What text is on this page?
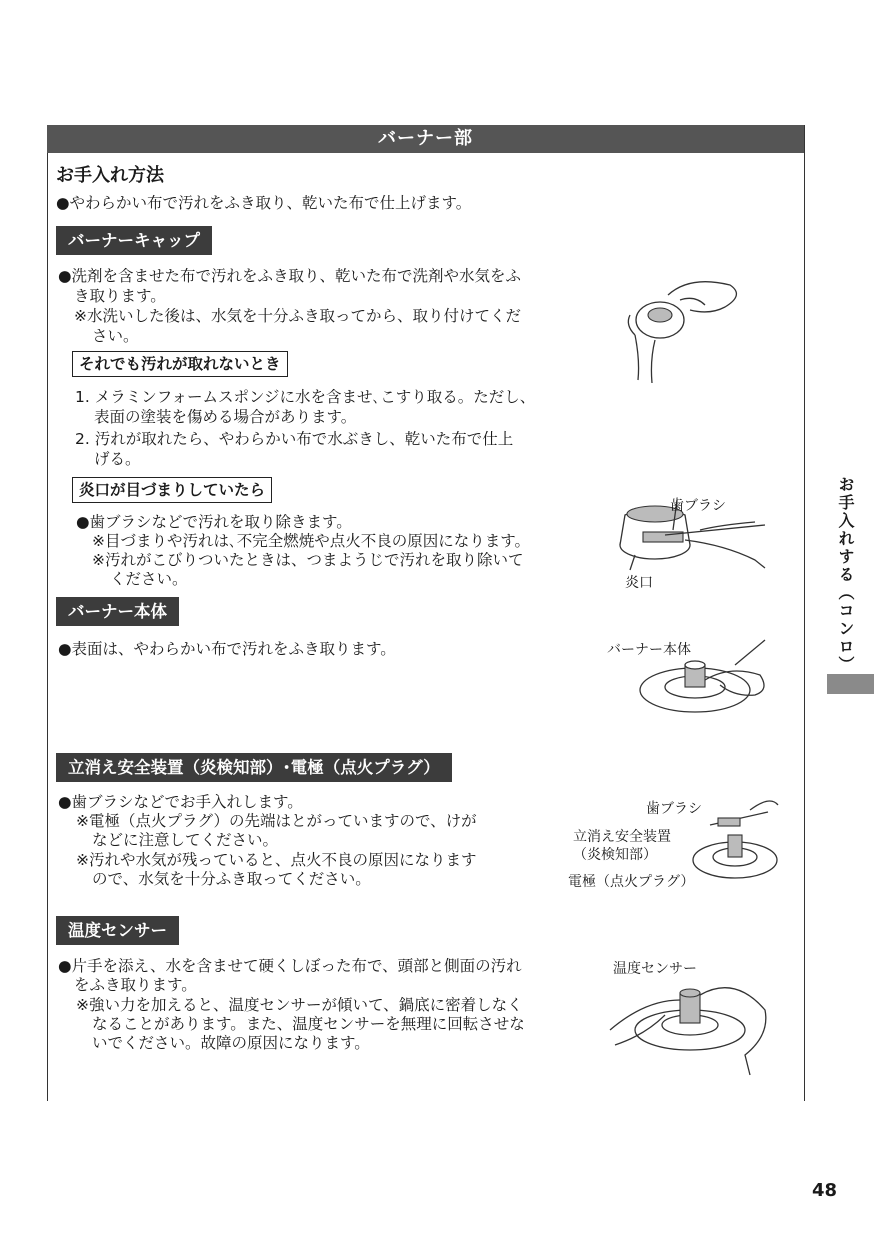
バーナー部
お手入れ方法
●やわらかい布で汚れをふき取り、乾いた布で仕上げます。
バーナーキャップ
●洗剤を含ませた布で汚れをふき取り、乾いた布で洗剤や水気をふ
き取ります。
※水洗いした後は、水気を十分ふき取ってから、取り付けてくだ
さい。
それでも汚れが取れないとき
1. メラミンフォームスポンジに水を含ませ､こすり取る。ただし、
表面の塗装を傷める場合があります。
2. 汚れが取れたら、やわらかい布で水ぶきし、乾いた布で仕上
げる。
炎口が目づまりしていたら
●歯ブラシなどで汚れを取り除きます。
※目づまりや汚れは､不完全燃焼や点火不良の原因になります。
※汚れがこびりついたときは、つまようじで汚れを取り除いて
ください。
バーナー本体
●表面は、やわらかい布で汚れをふき取ります。
立消え安全装置（炎検知部）･電極（点火プラグ）
●歯ブラシなどでお手入れします。
※電極（点火プラグ）の先端はとがっていますので、けが
などに注意してください。
※汚れや水気が残っていると、点火不良の原因になります
ので、水気を十分ふき取ってください。
温度センサー
●片手を添え、水を含ませて硬くしぼった布で、頭部と側面の汚れ
をふき取ります。
※強い力を加えると、温度センサーが傾いて、鍋底に密着しなく
なることがあります。また、温度センサーを無理に回転させな
いでください。故障の原因になります。
歯ブラシ
炎口
バーナー本体
歯ブラシ
立消え安全装置
（炎検知部）
電極（点火プラグ）
温度センサー
お手入れする（コンロ）
48
